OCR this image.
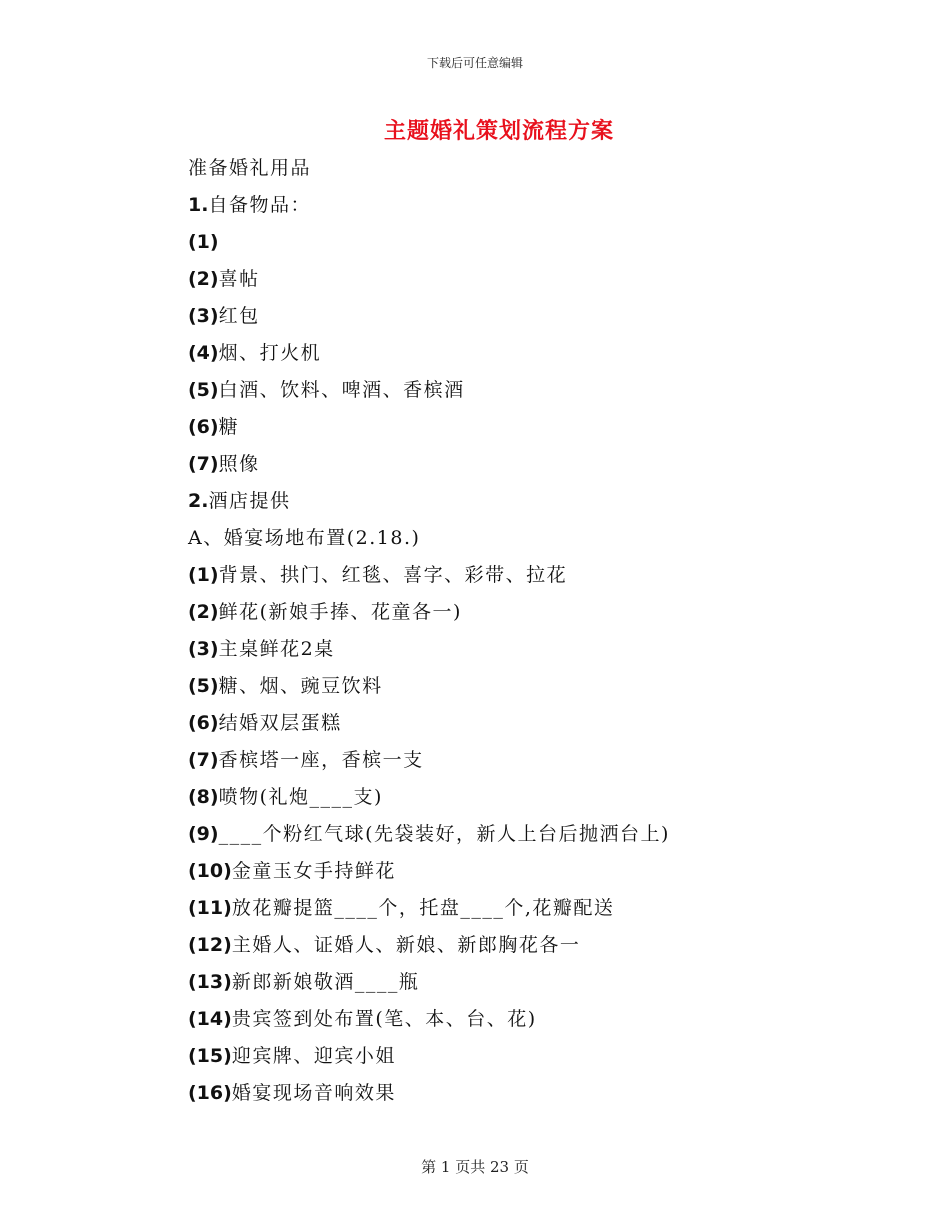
下载后可任意编辑
主题婚礼策划流程方案
准备婚礼用品
1.自备物品：
(1)
(2)喜帖
(3)红包
(4)烟、打火机
(5)白酒、饮料、啤酒、香槟酒
(6)糖
(7)照像
2.酒店提供
A、婚宴场地布置(2.18.)
(1)背景、拱门、红毯、喜字、彩带、拉花
(2)鲜花(新娘手捧、花童各一)
(3)主桌鲜花2桌
(5)糖、烟、豌豆饮料
(6)结婚双层蛋糕
(7)香槟塔一座，香槟一支
(8)喷物(礼炮____支)
(9)____个粉红气球(先袋装好，新人上台后抛洒台上)
(10)金童玉女手持鲜花
(11)放花瓣提篮____个，托盘____个,花瓣配送
(12)主婚人、证婚人、新娘、新郎胸花各一
(13)新郎新娘敬酒____瓶
(14)贵宾签到处布置(笔、本、台、花)
(15)迎宾牌、迎宾小姐
(16)婚宴现场音响效果
第 1 页共 23 页
